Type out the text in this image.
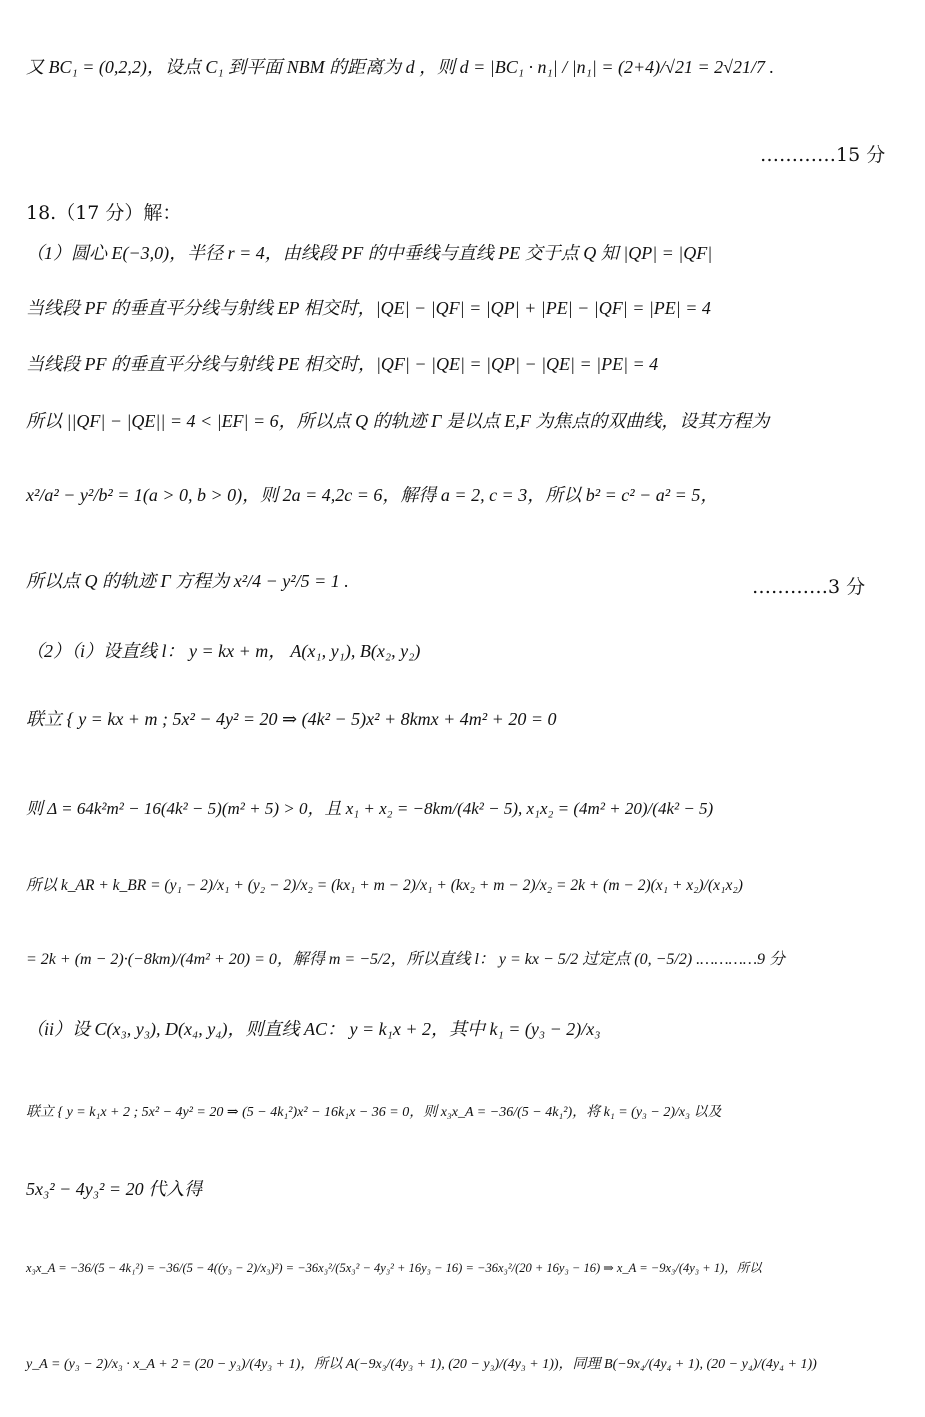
又 BC₁ = (0,2,2)，设点 C₁ 到平面 NBM 的距离为 d ，则 d = |BC₁ · n₁| / |n₁| = (2+4)/√21 = 2√21/7 .
…………15 分
18.（17 分）解：
（1）圆心 E(−3,0)，半径 r = 4，由线段 PF 的中垂线与直线 PE 交于点 Q 知 |QP| = |QF|
当线段 PF 的垂直平分线与射线 EP 相交时，|QE| − |QF| = |QP| + |PE| − |QF| = |PE| = 4
当线段 PF 的垂直平分线与射线 PE 相交时，|QF| − |QE| = |QP| − |QE| = |PE| = 4
所以 ||QF| − |QE|| = 4 < |EF| = 6，所以点 Q 的轨迹 Γ 是以点 E,F 为焦点的双曲线，设其方程为
x²/a² − y²/b² = 1(a > 0, b > 0)，则 2a = 4,2c = 6，解得 a = 2, c = 3，所以 b² = c² − a² = 5，
所以点 Q 的轨迹 Γ 方程为 x²/4 − y²/5 = 1 .	…………3 分
（2）（i）设直线 l： y = kx + m， A(x₁, y₁), B(x₂, y₂)
联立 { y = kx + m ; 5x² − 4y² = 20 ⇒ (4k² − 5)x² + 8kmx + 4m² + 20 = 0
则 Δ = 64k²m² − 16(4k² − 5)(m² + 5) > 0，且 x₁ + x₂ = −8km/(4k² − 5), x₁x₂ = (4m² + 20)/(4k² − 5)
所以 k_AR + k_BR = (y₁ − 2)/x₁ + (y₂ − 2)/x₂ = (kx₁ + m − 2)/x₁ + (kx₂ + m − 2)/x₂ = 2k + (m − 2)(x₁ + x₂)/(x₁x₂)
= 2k + (m − 2)·(−8km)/(4m² + 20) = 0，解得 m = −5/2，所以直线 l： y = kx − 5/2 过定点 (0, −5/2) .…………9 分
（ii）设 C(x₃, y₃), D(x₄, y₄)，则直线 AC： y = k₁x + 2，其中 k₁ = (y₃ − 2)/x₃
联立 { y = k₁x + 2 ; 5x² − 4y² = 20 ⇒ (5 − 4k₁²)x² − 16k₁x − 36 = 0，则 x₃x_A = −36/(5 − 4k₁²)，将 k₁ = (y₃ − 2)/x₃ 以及
5x₃² − 4y₃² = 20 代入得
x₃x_A = −36/(5 − 4k₁²) = −36/(5 − 4((y₃ − 2)/x₃)²) = −36x₃²/(5x₃² − 4y₃² + 16y₃ − 16) = −36x₃²/(20 + 16y₃ − 16) ⇒ x_A = −9x₃/(4y₃ + 1)，所以
y_A = (y₃ − 2)/x₃ · x_A + 2 = (20 − y₃)/(4y₃ + 1)，所以 A(−9x₃/(4y₃ + 1), (20 − y₃)/(4y₃ + 1))，同理 B(−9x₄/(4y₄ + 1), (20 − y₄)/(4y₄ + 1))
